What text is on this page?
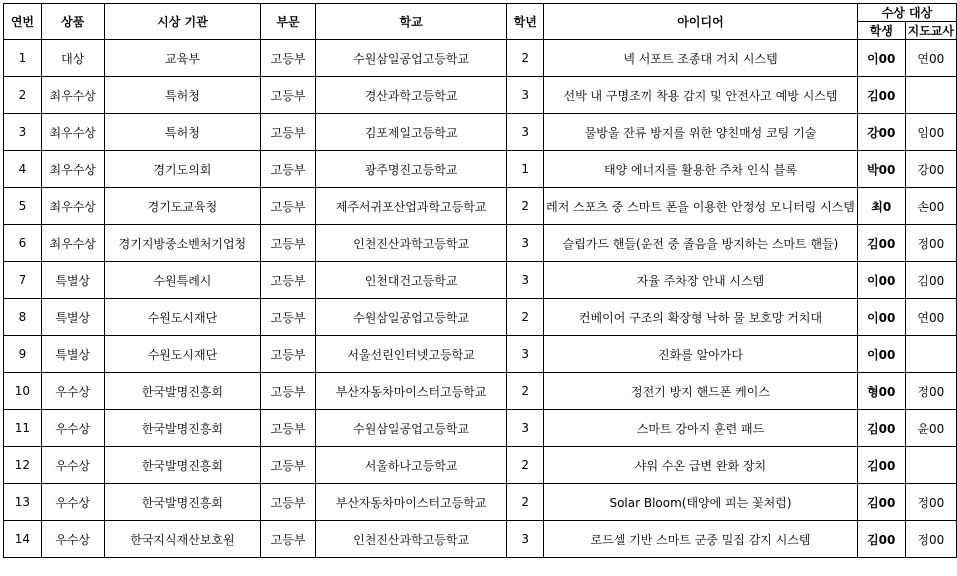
연번	상품	시상 기관	부문	학교	학년	아이디어	수상 대상	
							학생	지도교사
1	대상	교육부	고등부	수원삼일공업고등학교	2	넥 서포트 조종대 거치 시스템	이00	연00
2	최우수상	특허청	고등부	경산과학고등학교	3	선박 내 구명조끼 착용 감지 및 안전사고 예방 시스템	김00	
3	최우수상	특허청	고등부	김포제일고등학교	3	물방울 잔류 방지를 위한 양친매성 코팅 기술	강00	임00
4	최우수상	경기도의회	고등부	광주명진고등학교	1	태양 에너지를 활용한 주차 인식 블록	박00	강00
5	최우수상	경기도교육청	고등부	제주서귀포산업과학고등학교	2	레저 스포츠 중 스마트 폰을 이용한 안정성 모니터링 시스템	최0	손00
6	최우수상	경기지방중소벤처기업청	고등부	인천진산과학고등학교	3	슬립가드 핸들(운전 중 졸음을 방지하는 스마트 핸들)	김00	정00
7	특별상	수원특례시	고등부	인천대건고등학교	3	자율 주차장 안내 시스템	이00	김00
8	특별상	수원도시재단	고등부	수원삼일공업고등학교	2	컨베이어 구조의 확장형 낙하 물 보호망 거치대	이00	연00
9	특별상	수원도시재단	고등부	서울선린인터넷고등학교	3	진화를 알아가다	이00	
10	우수상	한국발명진흥회	고등부	부산자동차마이스터고등학교	2	정전기 방지 핸드폰 케이스	형00	정00
11	우수상	한국발명진흥회	고등부	수원삼일공업고등학교	3	스마트 강아지 훈련 패드	김00	윤00
12	우수상	한국발명진흥회	고등부	서울하나고등학교	2	샤워 수온 급변 완화 장치	김00	
13	우수상	한국발명진흥회	고등부	부산자동차마이스터고등학교	2	Solar Bloom(태양에 피는 꽃처럼)	김00	정00
14	우수상	한국지식재산보호원	고등부	인천진산과학고등학교	3	로드셀 기반 스마트 군중 밀집 감지 시스템	김00	정00
